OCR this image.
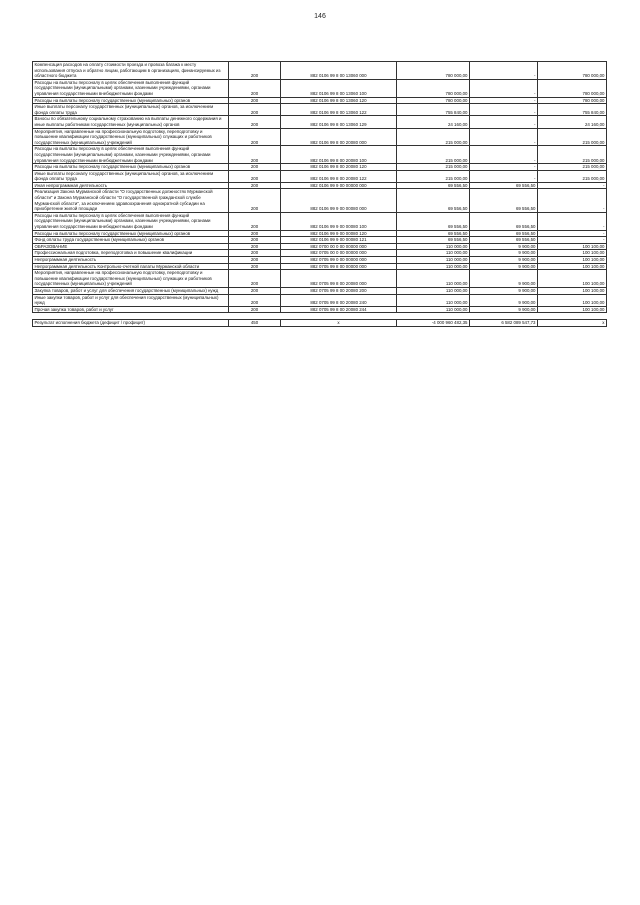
146
Компенсация расходов на оплату стоимости проезда и провоза багажа к месту использования отпуска и обратно лицам, работающим в организациях, финансируемых из областного бюджета	200	882 0106 99 8 00 13060 000	780 000,00	-	780 000,00
Расходы на выплаты персоналу в целях обеспечения выполнения функций государственными (муниципальными) органами, казенными учреждениями, органами управления государственными внебюджетными фондами	200	882 0106 99 8 00 13060 100	780 000,00	-	780 000,00
Расходы на выплаты персоналу государственных (муниципальных) органов	200	882 0106 99 8 00 13060 120	780 000,00	-	780 000,00
Иные выплаты персоналу государственных (муниципальных) органов, за исключением фонда оплаты труда	200	882 0106 99 8 00 13060 122	755 840,00	-	755 840,00
Взносы по обязательному социальному страхованию на выплаты денежного содержания и иные выплаты работникам государственных (муниципальных) органов	200	882 0106 99 8 00 13060 129	24 160,00	-	24 160,00
Мероприятия, направленные на профессиональную подготовку, переподготовку и повышение квалификации государственных (муниципальных) служащих и работников государственных (муниципальных) учреждений	200	882 0106 99 8 00 20080 000	215 000,00	-	215 000,00
Расходы на выплаты персоналу в целях обеспечения выполнения функций государственными (муниципальными) органами, казенными учреждениями, органами управления государственными внебюджетными фондами	200	882 0106 99 8 00 20080 100	215 000,00	-	215 000,00
Расходы на выплаты персоналу государственных (муниципальных) органов	200	882 0106 99 8 00 20080 120	215 000,00	-	215 000,00
Иные выплаты персоналу государственных (муниципальных) органов, за исключением фонда оплаты труда	200	882 0106 99 8 00 20080 122	215 000,00	-	215 000,00
Иная непрограммная деятельность	200	882 0106 99 9 00 00000 000	69 556,50	69 556,50	-
Реализация Закона Мурманской области "О государственных должностях Мурманской области" и Закона Мурманской области "О государственной гражданской службе Мурманской области", за исключением здравоохранения однократной субсидии на приобретение жилой площади	200	882 0106 99 9 00 00080 000	69 556,50	69 556,50	-
Расходы на выплаты персоналу в целях обеспечения выполнения функций государственными (муниципальными) органами, казенными учреждениями, органами управления государственными внебюджетными фондами	200	882 0106 99 9 00 00080 100	69 556,50	69 556,50	-
Расходы на выплаты персоналу государственных (муниципальных) органов	200	882 0106 99 9 00 00080 120	69 556,50	69 556,50	-
Фонд оплаты труда государственных (муниципальных) органов	200	882 0106 99 9 00 00080 121	69 556,50	69 556,50	-
ОБРАЗОВАНИЕ	200	882 0700 00 0 00 00000 000	110 000,00	9 900,00	100 100,00
Профессиональная подготовка, переподготовка и повышение квалификации	200	882 0705 00 0 00 00000 000	110 000,00	9 900,00	100 100,00
Непрограммная деятельность	200	882 0705 99 0 00 00000 000	110 000,00	9 900,00	100 100,00
Непрограммная деятельность Контрольно-счетной палаты Мурманской области	200	882 0705 99 8 00 00000 000	110 000,00	9 900,00	100 100,00
Мероприятия, направленные на профессиональную подготовку, переподготовку и повышение квалификации государственных (муниципальных) служащих и работников государственных (муниципальных) учреждений	200	882 0705 99 8 00 20080 000	110 000,00	9 900,00	100 100,00
Закупка товаров, работ и услуг для обеспечения государственных (муниципальных) нужд	200	882 0705 99 8 00 20080 200	110 000,00	9 900,00	100 100,00
Иные закупки товаров, работ и услуг для обеспечения государственных (муниципальных) нужд	200	882 0705 99 8 00 20080 240	110 000,00	9 900,00	100 100,00
Прочая закупка товаров, работ и услуг	200	882 0705 99 8 00 20080 244	110 000,00	9 900,00	100 100,00

Результат исполнения бюджета (дефицит / профицит)	450	x	-4 000 960 482,35	6 582 089 547,73	x
